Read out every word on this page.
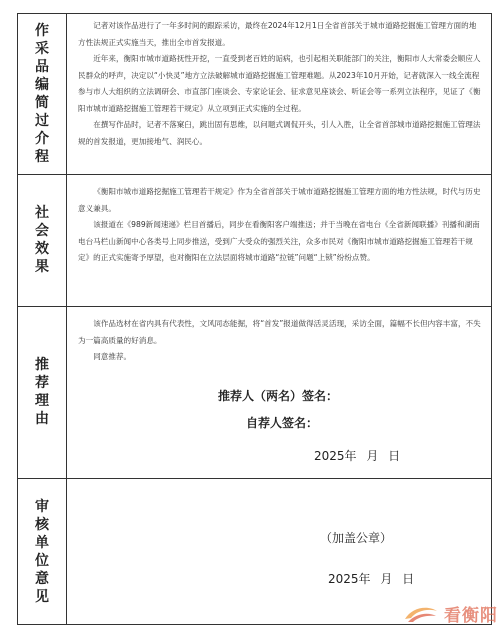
作采品编简过介程

记者对该作品进行了一年多时间的跟踪采访，最终在2024年12月1日全省首部关于城市道路挖掘施工管理方面的地方性法规正式实施当天，推出全市首发报道。

近年来，衡阳市城市道路抚性开挖，一直受到老百姓的诟病，也引起相关职能部门的关注，衡阳市人大常委会顺应人民群众的呼声，决定以“小快灵”地方立法破解城市道路挖掘施工管理难题。从2023年10月开始，记者就深入一线全流程参与市人大组织的立法调研会、市直部门座谈会、专家论证会、征求意见座谈会、听证会等一系列立法程序，见证了《衡阳市城市道路挖掘施工管理若干规定》从立项到正式实施的全过程。

在撰写作品时，记者不落窠臼，跳出固有思维，以问题式调侃开头，引人入胜，让全省首部城市道路挖掘施工管理法规的首发报道，更加接地气、润民心。

社会效果

《衡阳市城市道路挖掘施工管理若干规定》作为全省首部关于城市道路挖掘施工管理方面的地方性法规，时代与历史意义兼具。

该报道在《989新闻速递》栏目首播后，同步在看衡阳客户端推送；并于当晚在省电台《全省新闻联播》刊播和湖南电台马栏山新闻中心各类号上同步推送，受到广大受众的强烈关注，众多市民对《衡阳市城市道路挖掘施工管理若干规定》的正式实施寄予厚望，也对衡阳在立法层面将城市道路“拉链”问题“上锁”纷纷点赞。

推荐理由

该作品选材在省内具有代表性，文风同态能掘，将“首发”报道做得活灵活现，采访全面，篇幅不长但内容丰富，不失为一篇高质量的好消息。

同意推荐。

推荐人（两名）签名：
自荐人签名：
2025年 月 日
审核单位意见
（加盖公章）
2025年 月 日
看衡阳
